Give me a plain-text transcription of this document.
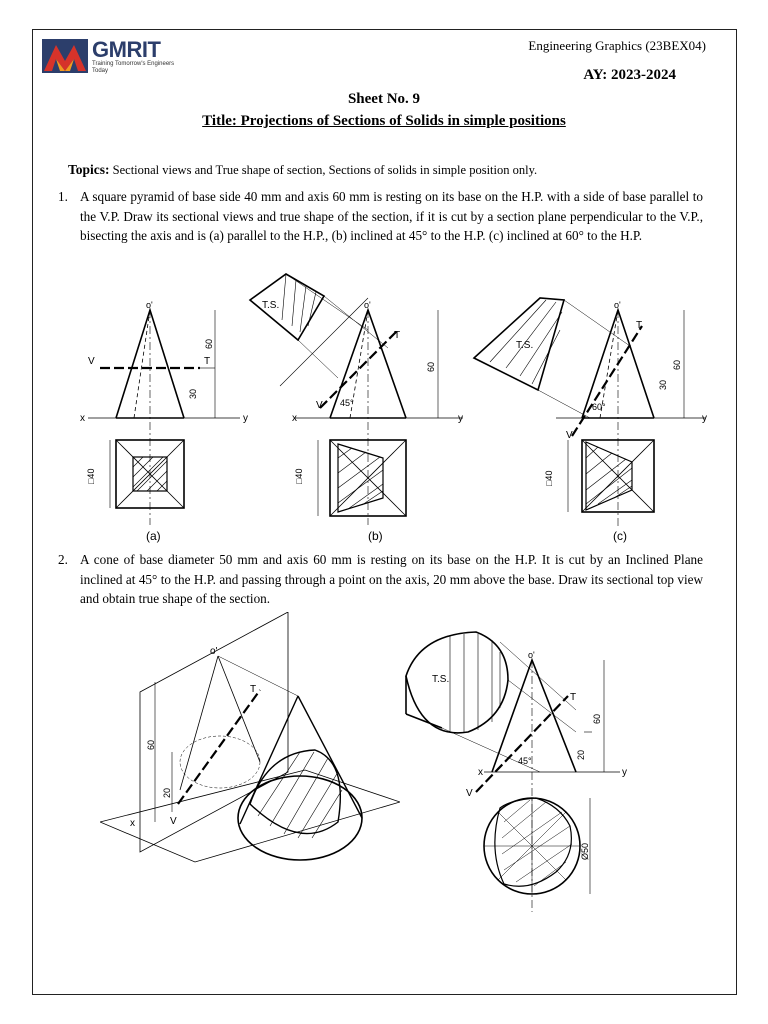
GMRIT
Training Tomorrow's Engineers Today
Engineering Graphics (23BEX04)
AY: 2023-2024
Sheet No. 9
Title: Projections of Sections of Solids in simple positions
Topics: Sectional views and True shape of section, Sections of solids in simple position only.
1. A square pyramid of base side 40 mm and axis 60 mm is resting on its base on the H.P. with a side of base parallel to the V.P. Draw its sectional views and true shape of the section, if it is cut by a section plane perpendicular to the V.P., bisecting the axis and is (a) parallel to the H.P., (b) inclined at 45° to the H.P. (c) inclined at 60° to the H.P.
x	y
V	T
o'
60
30
□40
(a)
T.S.
x	y
V
T
o'
45°
60
□40
(b)
T.S.
y
V
T
o'
60°
60
30
□40
(c)
2. A cone of base diameter 50 mm and axis 60 mm is resting on its base on the H.P. It is cut by an Inclined Plane inclined at 45° to the H.P. and passing through a point on the axis, 20 mm above the base. Draw its sectional top view and obtain true shape of the section.
o'
T
V
x
60
20
T.S.
x	y
V
T
o'
45°
60
20
Ø50
